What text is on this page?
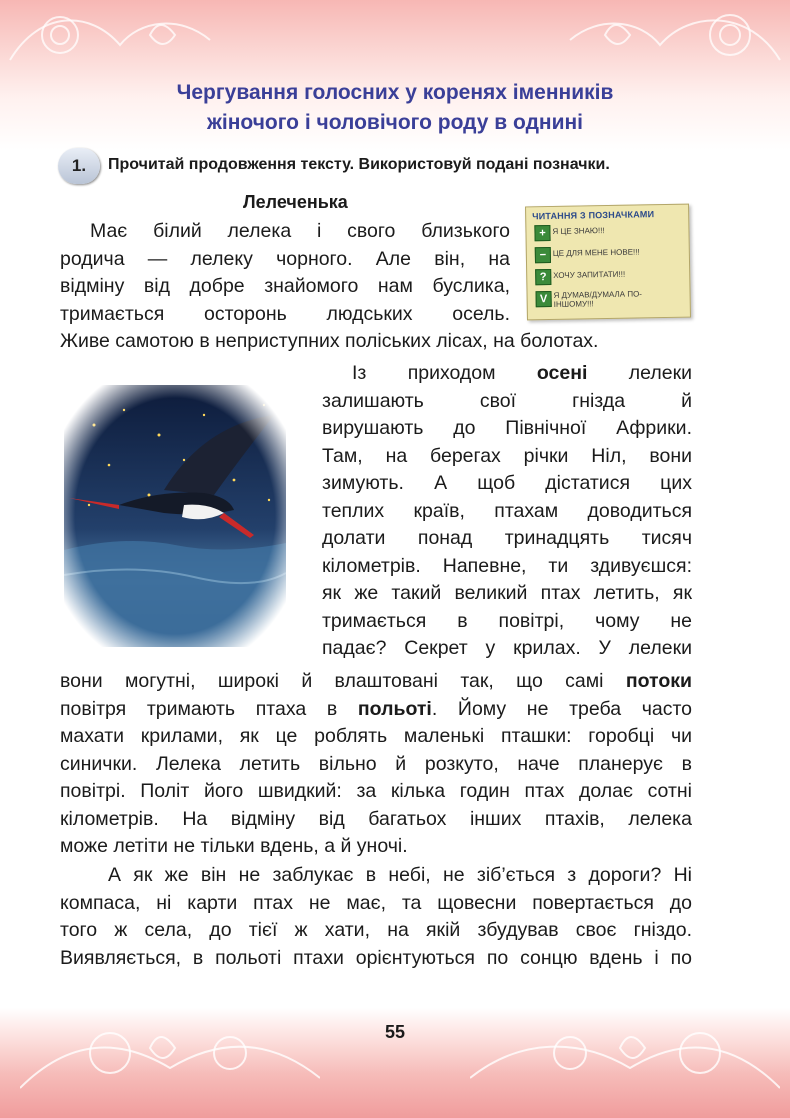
Чергування голосних у коренях іменників
жіночого і чоловічого роду в однині
1.	Прочитай продовження тексту. Використовуй подані позначки.
Лелеченька
ЧИТАННЯ З ПОЗНАЧКАМИ
+ Я ЦЕ ЗНАЮ!!!
− ЦЕ ДЛЯ МЕНЕ НОВЕ!!!
? ХОЧУ ЗАПИТАТИ!!!
V Я ДУМАВ/ДУМАЛА ПО-ІНШОМУ!!!
Має білий лелека і свого близького
родича — лелеку чорного. Але він, на
відміну від добре знайомого нам буслика,
тримається осторонь людських осель.
Живе самотою в неприступних поліських лісах, на болотах.
Із приходом осені лелеки
залишають свої гнізда й
вирушають до Північної Африки.
Там, на берегах річки Ніл, вони
зимують. А щоб дістатися цих
теплих країв, птахам доводиться
долати понад тринадцять тисяч
кілометрів. Напевне, ти здивуєшся:
як же такий великий птах летить, як
тримається в повітрі, чому не
падає? Секрет у крилах. У лелеки
вони могутні, широкі й влаштовані так, що самі потоки
повітря тримають птаха в польоті. Йому не треба часто
махати крилами, як це роблять маленькі пташки: горобці чи
синички. Лелека летить вільно й розкуто, наче планерує в
повітрі. Політ його швидкий: за кілька годин птах долає сотні
кілометрів. На відміну від багатьох інших птахів, лелека
може летіти не тільки вдень, а й уночі.
А як же він не заблукає в небі, не зіб’ється з дороги? Ні
компаса, ні карти птах не має, та щовесни повертається до
того ж села, до тієї ж хати, на якій збудував своє гніздо.
Виявляється, в польоті птахи орієнтуються по сонцю вдень і по
55
